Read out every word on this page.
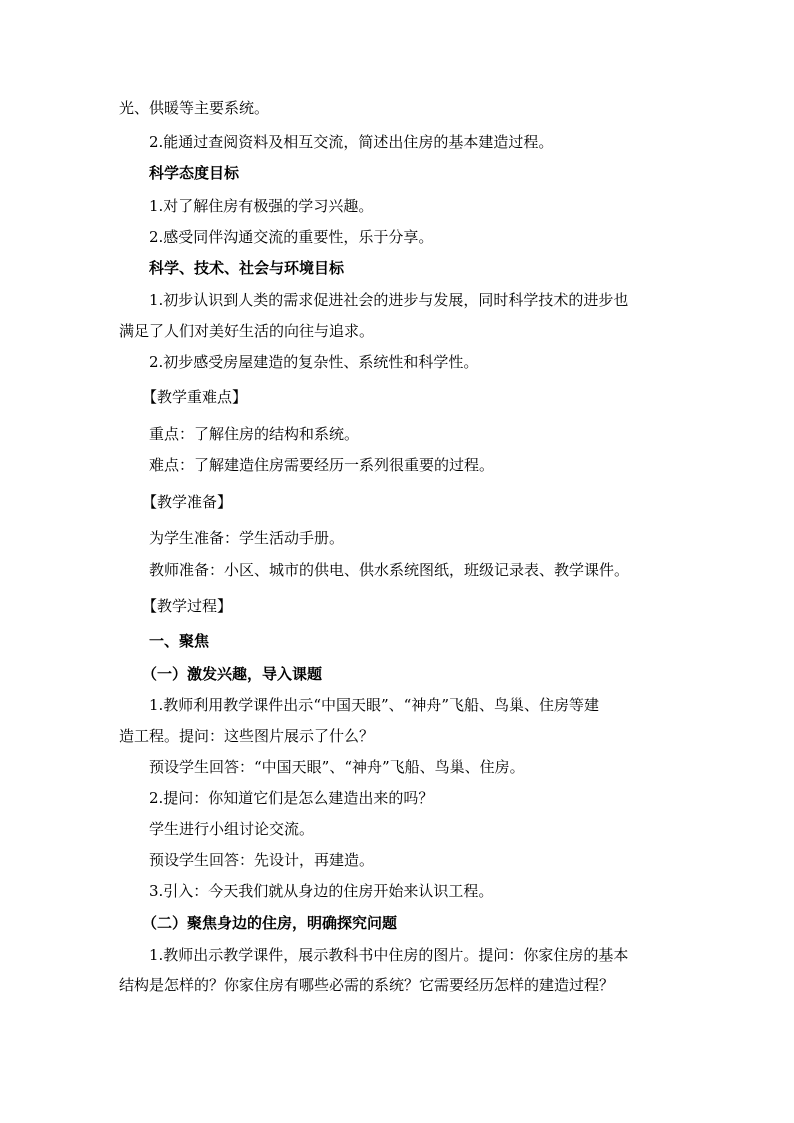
光、供暖等主要系统。

2.能通过查阅资料及相互交流，简述出住房的基本建造过程。

科学态度目标

1.对了解住房有极强的学习兴趣。

2.感受同伴沟通交流的重要性，乐于分享。

科学、技术、社会与环境目标

1.初步认识到人类的需求促进社会的进步与发展，同时科学技术的进步也

满足了人们对美好生活的向往与追求。

2.初步感受房屋建造的复杂性、系统性和科学性。

【教学重难点】

重点：了解住房的结构和系统。

难点：了解建造住房需要经历一系列很重要的过程。

【教学准备】

为学生准备：学生活动手册。

教师准备：小区、城市的供电、供水系统图纸，班级记录表、教学课件。

【教学过程】

一、聚焦

（一）激发兴趣，导入课题

1.教师利用教学课件出示“中国天眼”、“神舟”飞船、鸟巢、住房等建

造工程。提问：这些图片展示了什么？

预设学生回答：“中国天眼”、“神舟”飞船、鸟巢、住房。

2.提问：你知道它们是怎么建造出来的吗？

学生进行小组讨论交流。

预设学生回答：先设计，再建造。

3.引入：今天我们就从身边的住房开始来认识工程。

（二）聚焦身边的住房，明确探究问题

1.教师出示教学课件，展示教科书中住房的图片。提问：你家住房的基本

结构是怎样的？你家住房有哪些必需的系统？它需要经历怎样的建造过程？
